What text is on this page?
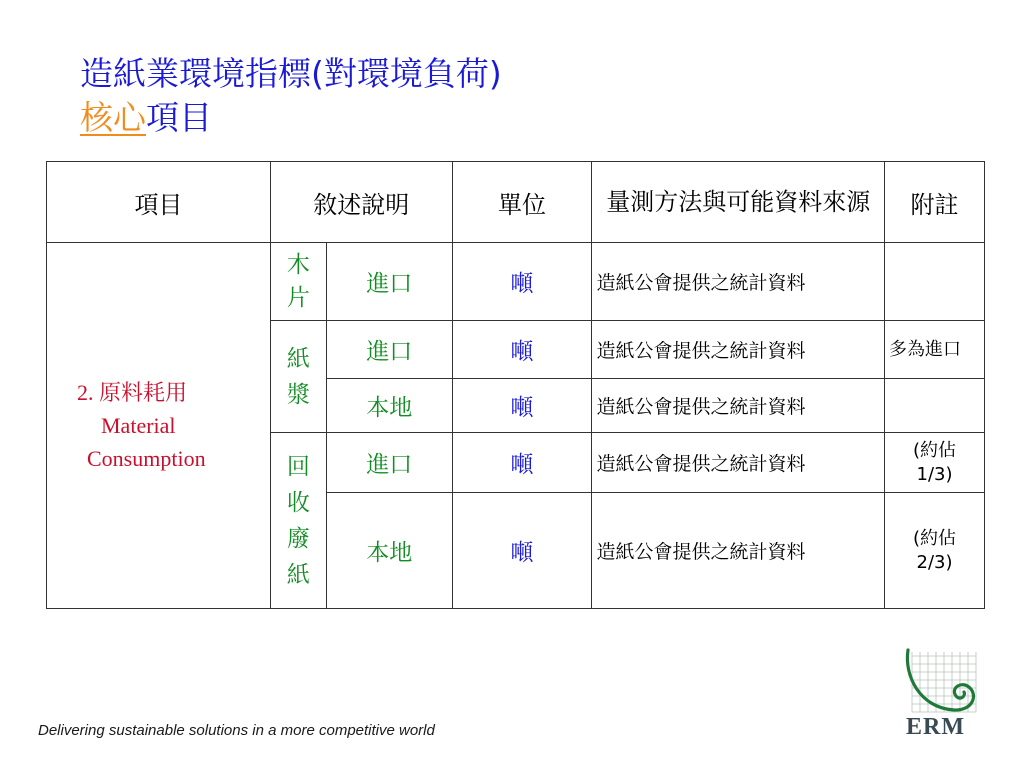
造紙業環境指標(對環境負荷)
核心項目
項目	敘述說明		單位	量測方法與可能資料來源	附註

2. 原料耗用
Material
Consumption	木片	進口	噸	造紙公會提供之統計資料	

	紙漿	進口	噸	造紙公會提供之統計資料	多為進口
		本地	噸	造紙公會提供之統計資料	

	回收廢紙	進口	噸	造紙公會提供之統計資料	(約佔1/3)

		本地	噸	造紙公會提供之統計資料	(約佔2/3)
Delivering sustainable solutions in a more competitive world	ERM
